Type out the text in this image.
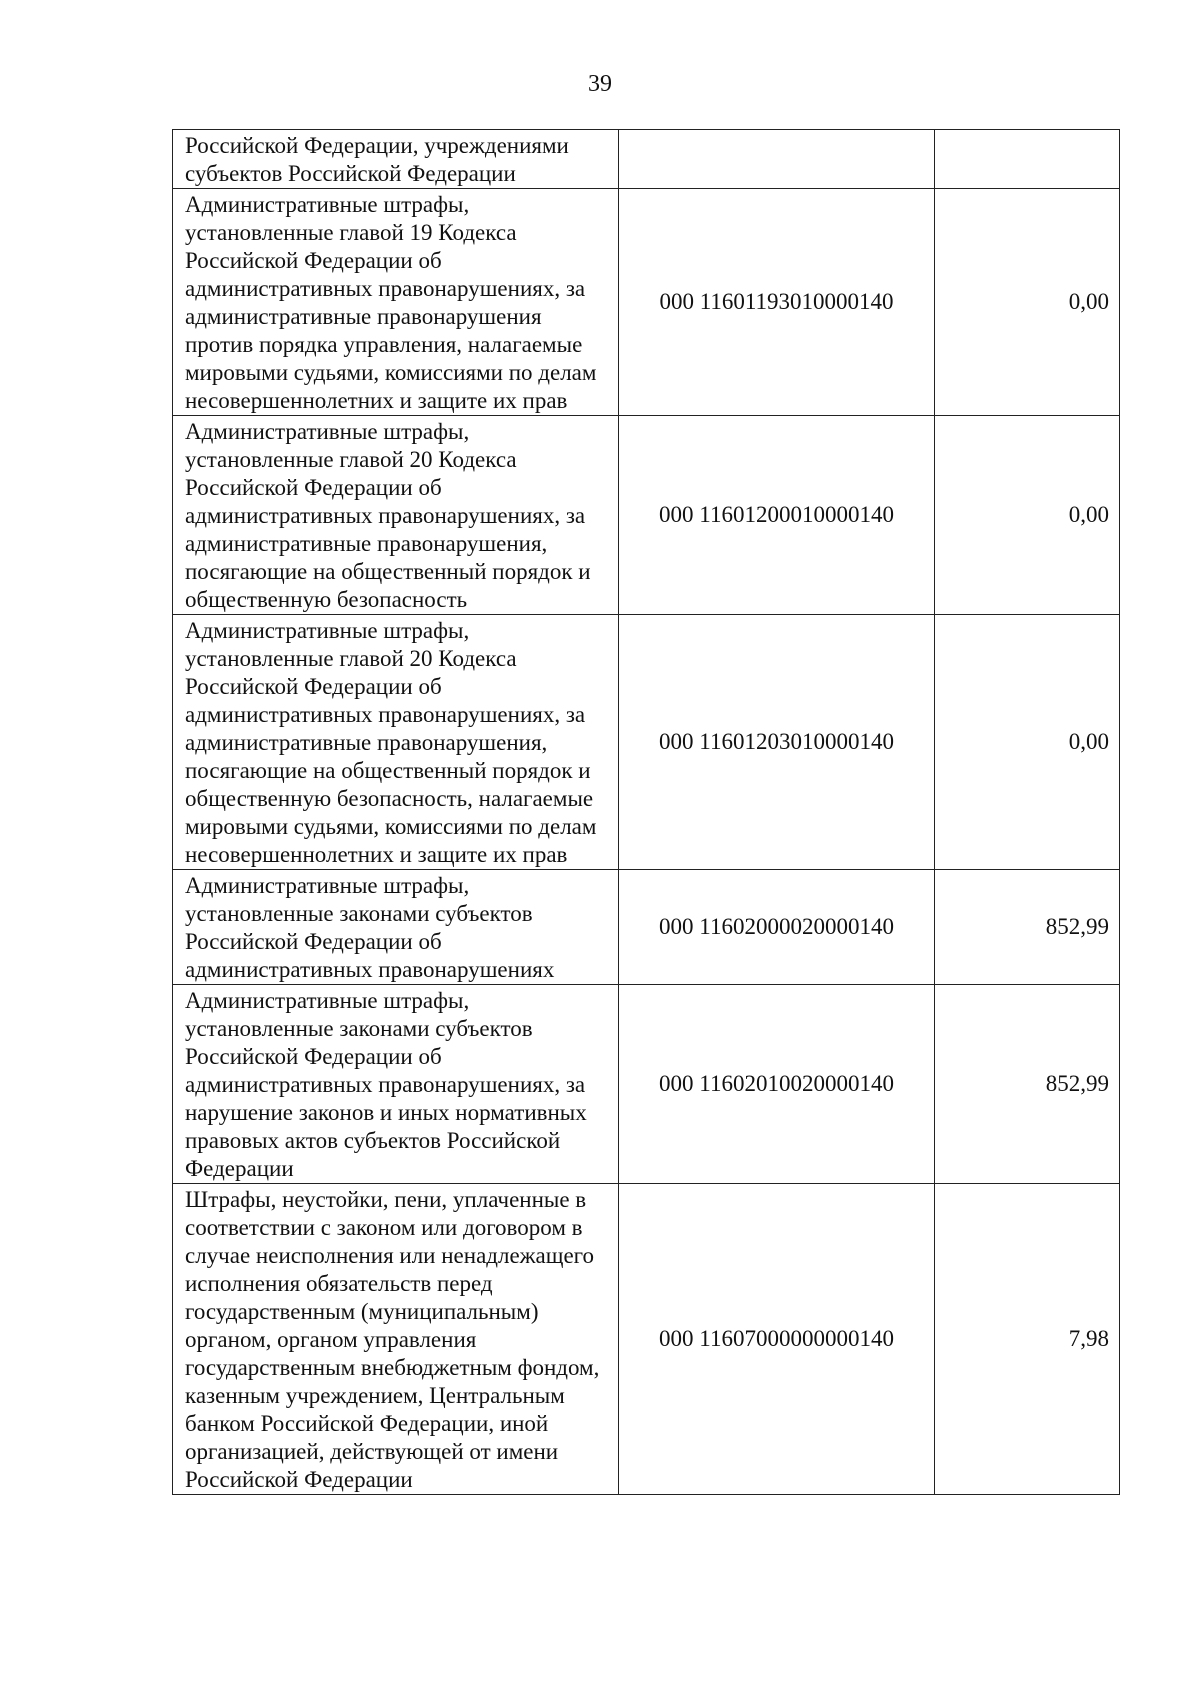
39
Российской Федерации, учреждениями субъектов Российской Федерации		
Административные штрафы, установленные главой 19 Кодекса Российской Федерации об административных правонарушениях, за административные правонарушения против порядка управления, налагаемые мировыми судьями, комиссиями по делам несовершеннолетних и защите их прав	000 11601193010000140	0,00
Административные штрафы, установленные главой 20 Кодекса Российской Федерации об административных правонарушениях, за административные правонарушения, посягающие на общественный порядок и общественную безопасность	000 11601200010000140	0,00
Административные штрафы, установленные главой 20 Кодекса Российской Федерации об административных правонарушениях, за административные правонарушения, посягающие на общественный порядок и общественную безопасность, налагаемые мировыми судьями, комиссиями по делам несовершеннолетних и защите их прав	000 11601203010000140	0,00
Административные штрафы, установленные законами субъектов Российской Федерации об административных правонарушениях	000 11602000020000140	852,99
Административные штрафы, установленные законами субъектов Российской Федерации об административных правонарушениях, за нарушение законов и иных нормативных правовых актов субъектов Российской Федерации	000 11602010020000140	852,99
Штрафы, неустойки, пени, уплаченные в соответствии с законом или договором в случае неисполнения или ненадлежащего исполнения обязательств перед государственным (муниципальным) органом, органом управления государственным внебюджетным фондом, казенным учреждением, Центральным банком Российской Федерации, иной организацией, действующей от имени Российской Федерации	000 11607000000000140	7,98
